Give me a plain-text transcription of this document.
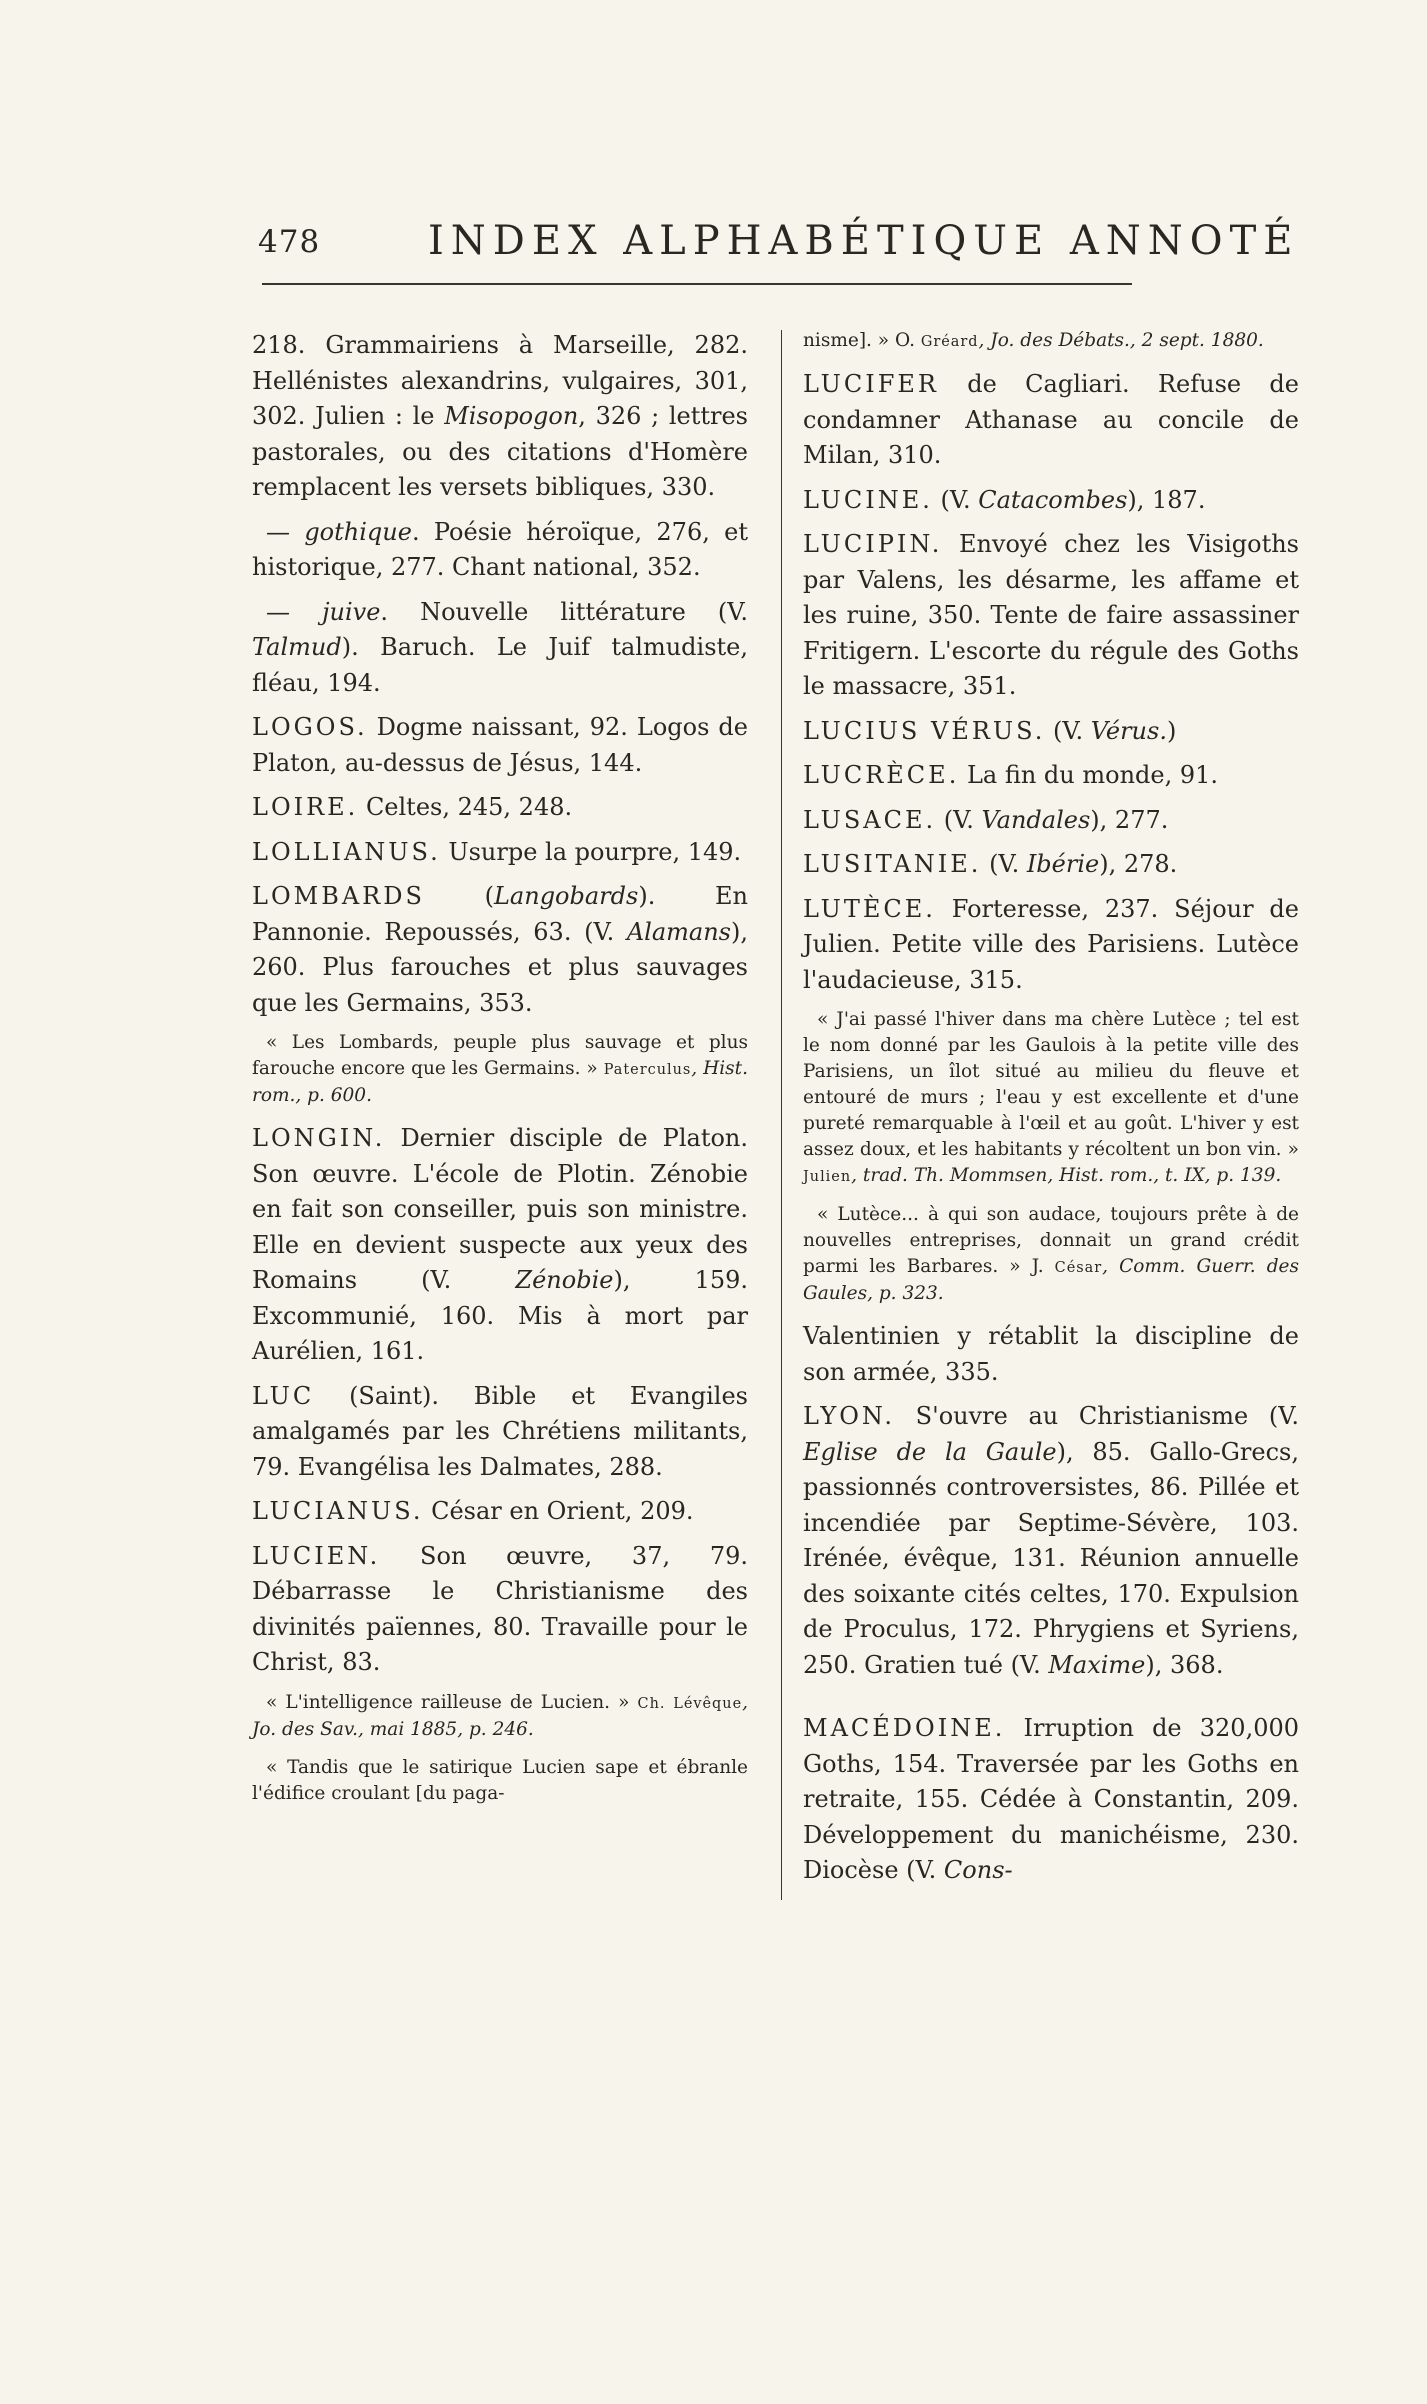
478	INDEX ALPHABÉTIQUE ANNOTÉ

218. Grammairiens à Marseille, 282. Hellénistes alexandrins, vulgaires, 301, 302. Julien : le Misopogon, 326 ; lettres pastorales, ou des citations d'Homère remplacent les versets bibliques, 330.

— gothique. Poésie héroïque, 276, et historique, 277. Chant national, 352.

— juive. Nouvelle littérature (V. Talmud). Baruch. Le Juif talmudiste, fléau, 194.

LOGOS. Dogme naissant, 92. Logos de Platon, au-dessus de Jésus, 144.

LOIRE. Celtes, 245, 248.

LOLLIANUS. Usurpe la pourpre, 149.

LOMBARDS (Langobards). En Pannonie. Repoussés, 63. (V. Alamans), 260. Plus farouches et plus sauvages que les Germains, 353.

« Les Lombards, peuple plus sauvage et plus farouche encore que les Germains. » Paterculus, Hist. rom., p. 600.

LONGIN. Dernier disciple de Platon. Son œuvre. L'école de Plotin. Zénobie en fait son conseiller, puis son ministre. Elle en devient suspecte aux yeux des Romains (V. Zénobie), 159. Excommunié, 160. Mis à mort par Aurélien, 161.

LUC (Saint). Bible et Evangiles amalgamés par les Chrétiens militants, 79. Evangélisa les Dalmates, 288.

LUCIANUS. César en Orient, 209.

LUCIEN. Son œuvre, 37, 79. Débarrasse le Christianisme des divinités païennes, 80. Travaille pour le Christ, 83.

« L'intelligence railleuse de Lucien. » Ch. Lévêque, Jo. des Sav., mai 1885, p. 246.

« Tandis que le satirique Lucien sape et ébranle l'édifice croulant [du paga-

nisme]. » O. Gréard, Jo. des Débats., 2 sept. 1880.

LUCIFER de Cagliari. Refuse de condamner Athanase au concile de Milan, 310.

LUCINE. (V. Catacombes), 187.

LUCIPIN. Envoyé chez les Visigoths par Valens, les désarme, les affame et les ruine, 350. Tente de faire assassiner Fritigern. L'escorte du régule des Goths le massacre, 351.

LUCIUS VÉRUS. (V. Vérus.)

LUCRÈCE. La fin du monde, 91.

LUSACE. (V. Vandales), 277.

LUSITANIE. (V. Ibérie), 278.

LUTÈCE. Forteresse, 237. Séjour de Julien. Petite ville des Parisiens. Lutèce l'audacieuse, 315.

« J'ai passé l'hiver dans ma chère Lutèce ; tel est le nom donné par les Gaulois à la petite ville des Parisiens, un îlot situé au milieu du fleuve et entouré de murs ; l'eau y est excellente et d'une pureté remarquable à l'œil et au goût. L'hiver y est assez doux, et les habitants y récoltent un bon vin. » Julien, trad. Th. Mommsen, Hist. rom., t. IX, p. 139.

« Lutèce... à qui son audace, toujours prête à de nouvelles entreprises, donnait un grand crédit parmi les Barbares. » J. César, Comm. Guerr. des Gaules, p. 323.

Valentinien y rétablit la discipline de son armée, 335.

LYON. S'ouvre au Christianisme (V. Eglise de la Gaule), 85. Gallo-Grecs, passionnés controversistes, 86. Pillée et incendiée par Septime-Sévère, 103. Irénée, évêque, 131. Réunion annuelle des soixante cités celtes, 170. Expulsion de Proculus, 172. Phrygiens et Syriens, 250. Gratien tué (V. Maxime), 368.

MACÉDOINE. Irruption de 320,000 Goths, 154. Traversée par les Goths en retraite, 155. Cédée à Constantin, 209. Développement du manichéisme, 230. Diocèse (V. Cons-
